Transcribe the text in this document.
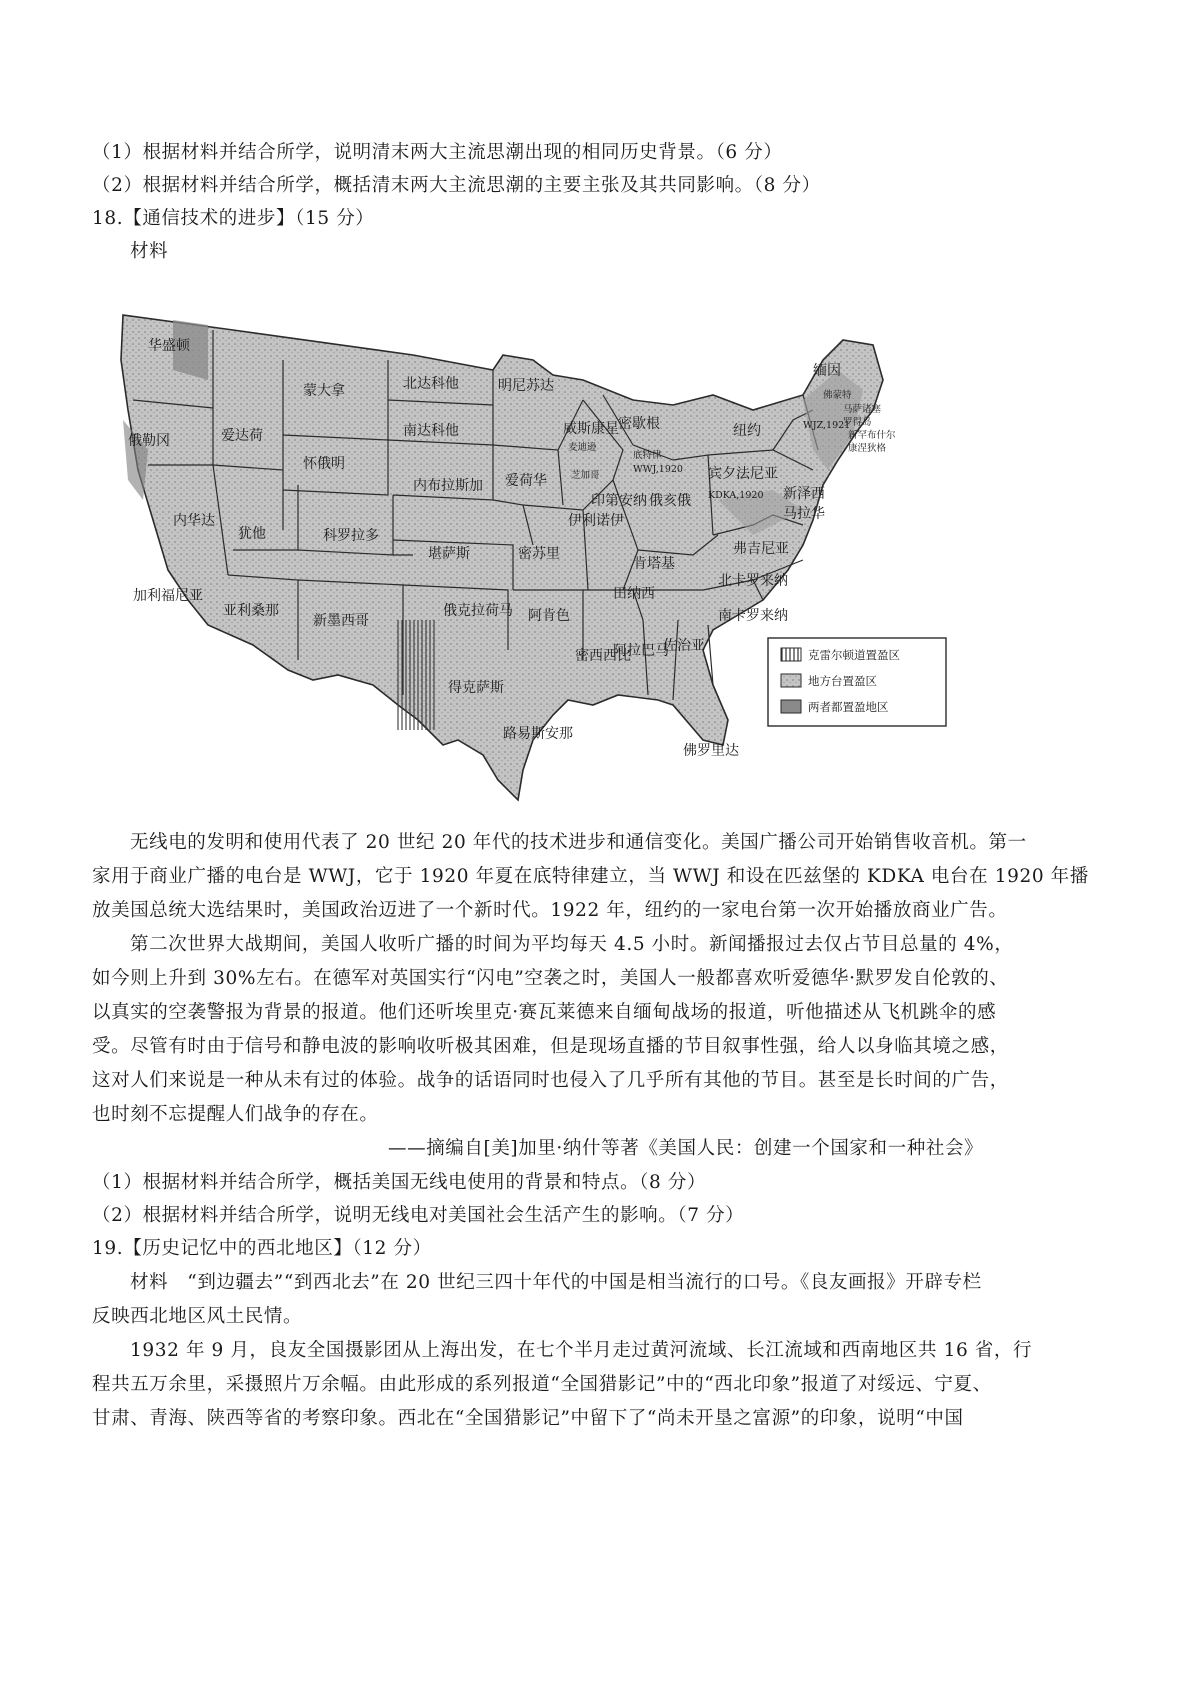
（1）根据材料并结合所学，说明清末两大主流思潮出现的相同历史背景。（6 分）
（2）根据材料并结合所学，概括清末两大主流思潮的主要主张及其共同影响。（8 分）
18.【通信技术的进步】（15 分）
材料
华盛顿
俄勒冈	爱达荷
蒙大拿	北达科他
南达科他
明尼苏达
怀俄明
内华达
犹他	科罗拉多
内布拉斯加 爱荷华
威斯康星 密歇根
加利福尼亚
亚利桑那
新墨西哥
堪萨斯	密苏里
伊利诺伊
印第安纳 俄亥俄
俄克拉荷马
得克萨斯
阿肯色
路易斯安那
密西西比
阿拉巴马
佐治亚
佛罗里达
田纳西
肯塔基
南卡罗来纳
北卡罗来纳
弗吉尼亚
宾夕法尼亚
纽约
新泽西
马拉华
缅因
芝加哥
底特律
麦迪逊
WWJ,1920
KDKA,1920
WJZ,1921
马萨诸塞
罗得岛
佛蒙特
新罕布什尔
康涅狄格
克雷尔顿道置盈区
地方台置盈区
两者都置盈地区
无线电的发明和使用代表了 20 世纪 20 年代的技术进步和通信变化。美国广播公司开始销售收音机。第一
家用于商业广播的电台是 WWJ，它于 1920 年夏在底特律建立，当 WWJ 和设在匹兹堡的 KDKA 电台在 1920 年播
放美国总统大选结果时，美国政治迈进了一个新时代。1922 年，纽约的一家电台第一次开始播放商业广告。
第二次世界大战期间，美国人收听广播的时间为平均每天 4.5 小时。新闻播报过去仅占节目总量的 4%，
如今则上升到 30%左右。在德军对英国实行“闪电”空袭之时，美国人一般都喜欢听爱德华·默罗发自伦敦的、
以真实的空袭警报为背景的报道。他们还听埃里克·赛瓦莱德来自缅甸战场的报道，听他描述从飞机跳伞的感
受。尽管有时由于信号和静电波的影响收听极其困难，但是现场直播的节目叙事性强，给人以身临其境之感，
这对人们来说是一种从未有过的体验。战争的话语同时也侵入了几乎所有其他的节目。甚至是长时间的广告，
也时刻不忘提醒人们战争的存在。
——摘编自[美]加里·纳什等著《美国人民：创建一个国家和一种社会》
（1）根据材料并结合所学，概括美国无线电使用的背景和特点。（8 分）
（2）根据材料并结合所学，说明无线电对美国社会生活产生的影响。（7 分）
19.【历史记忆中的西北地区】（12 分）
材料　“到边疆去”“到西北去”在 20 世纪三四十年代的中国是相当流行的口号。《良友画报》开辟专栏
反映西北地区风土民情。
1932 年 9 月，良友全国摄影团从上海出发，在七个半月走过黄河流域、长江流域和西南地区共 16 省，行
程共五万余里，采摄照片万余幅。由此形成的系列报道“全国猎影记”中的“西北印象”报道了对绥远、宁夏、
甘肃、青海、陕西等省的考察印象。西北在“全国猎影记”中留下了“尚未开垦之富源”的印象，说明“中国
